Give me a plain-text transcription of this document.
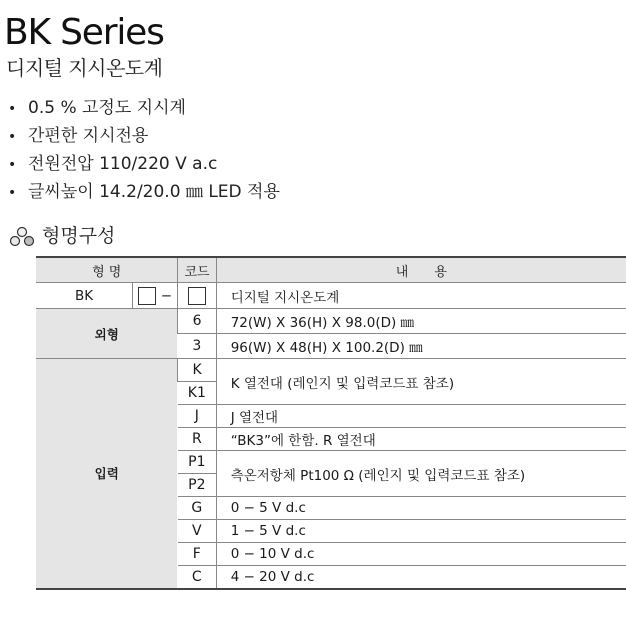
BK Series
디지털 지시온도계
• 0.5 % 고정도 지시계
• 간편한 지시전용
• 전원전압 110/220 V a.c
• 글씨높이 14.2/20.0 ㎜ LED 적용
형명구성
형 명		코드	내　　용
BK	−		디지털 지시온도계
외형		6	72(W) X 36(H) X 98.0(D) ㎜
		3	96(W) X 48(H) X 100.2(D) ㎜
입력		K	K 열전대 (레인지 및 입력코드표 참조)
		K1	
		J	J 열전대
		R	“BK3”에 한함. R 열전대
		P1	측온저항체 Pt100 Ω (레인지 및 입력코드표 참조)
		P2	
		G	0 − 5 V d.c
		V	1 − 5 V d.c
		F	0 − 10 V d.c
		C	4 − 20 V d.c
